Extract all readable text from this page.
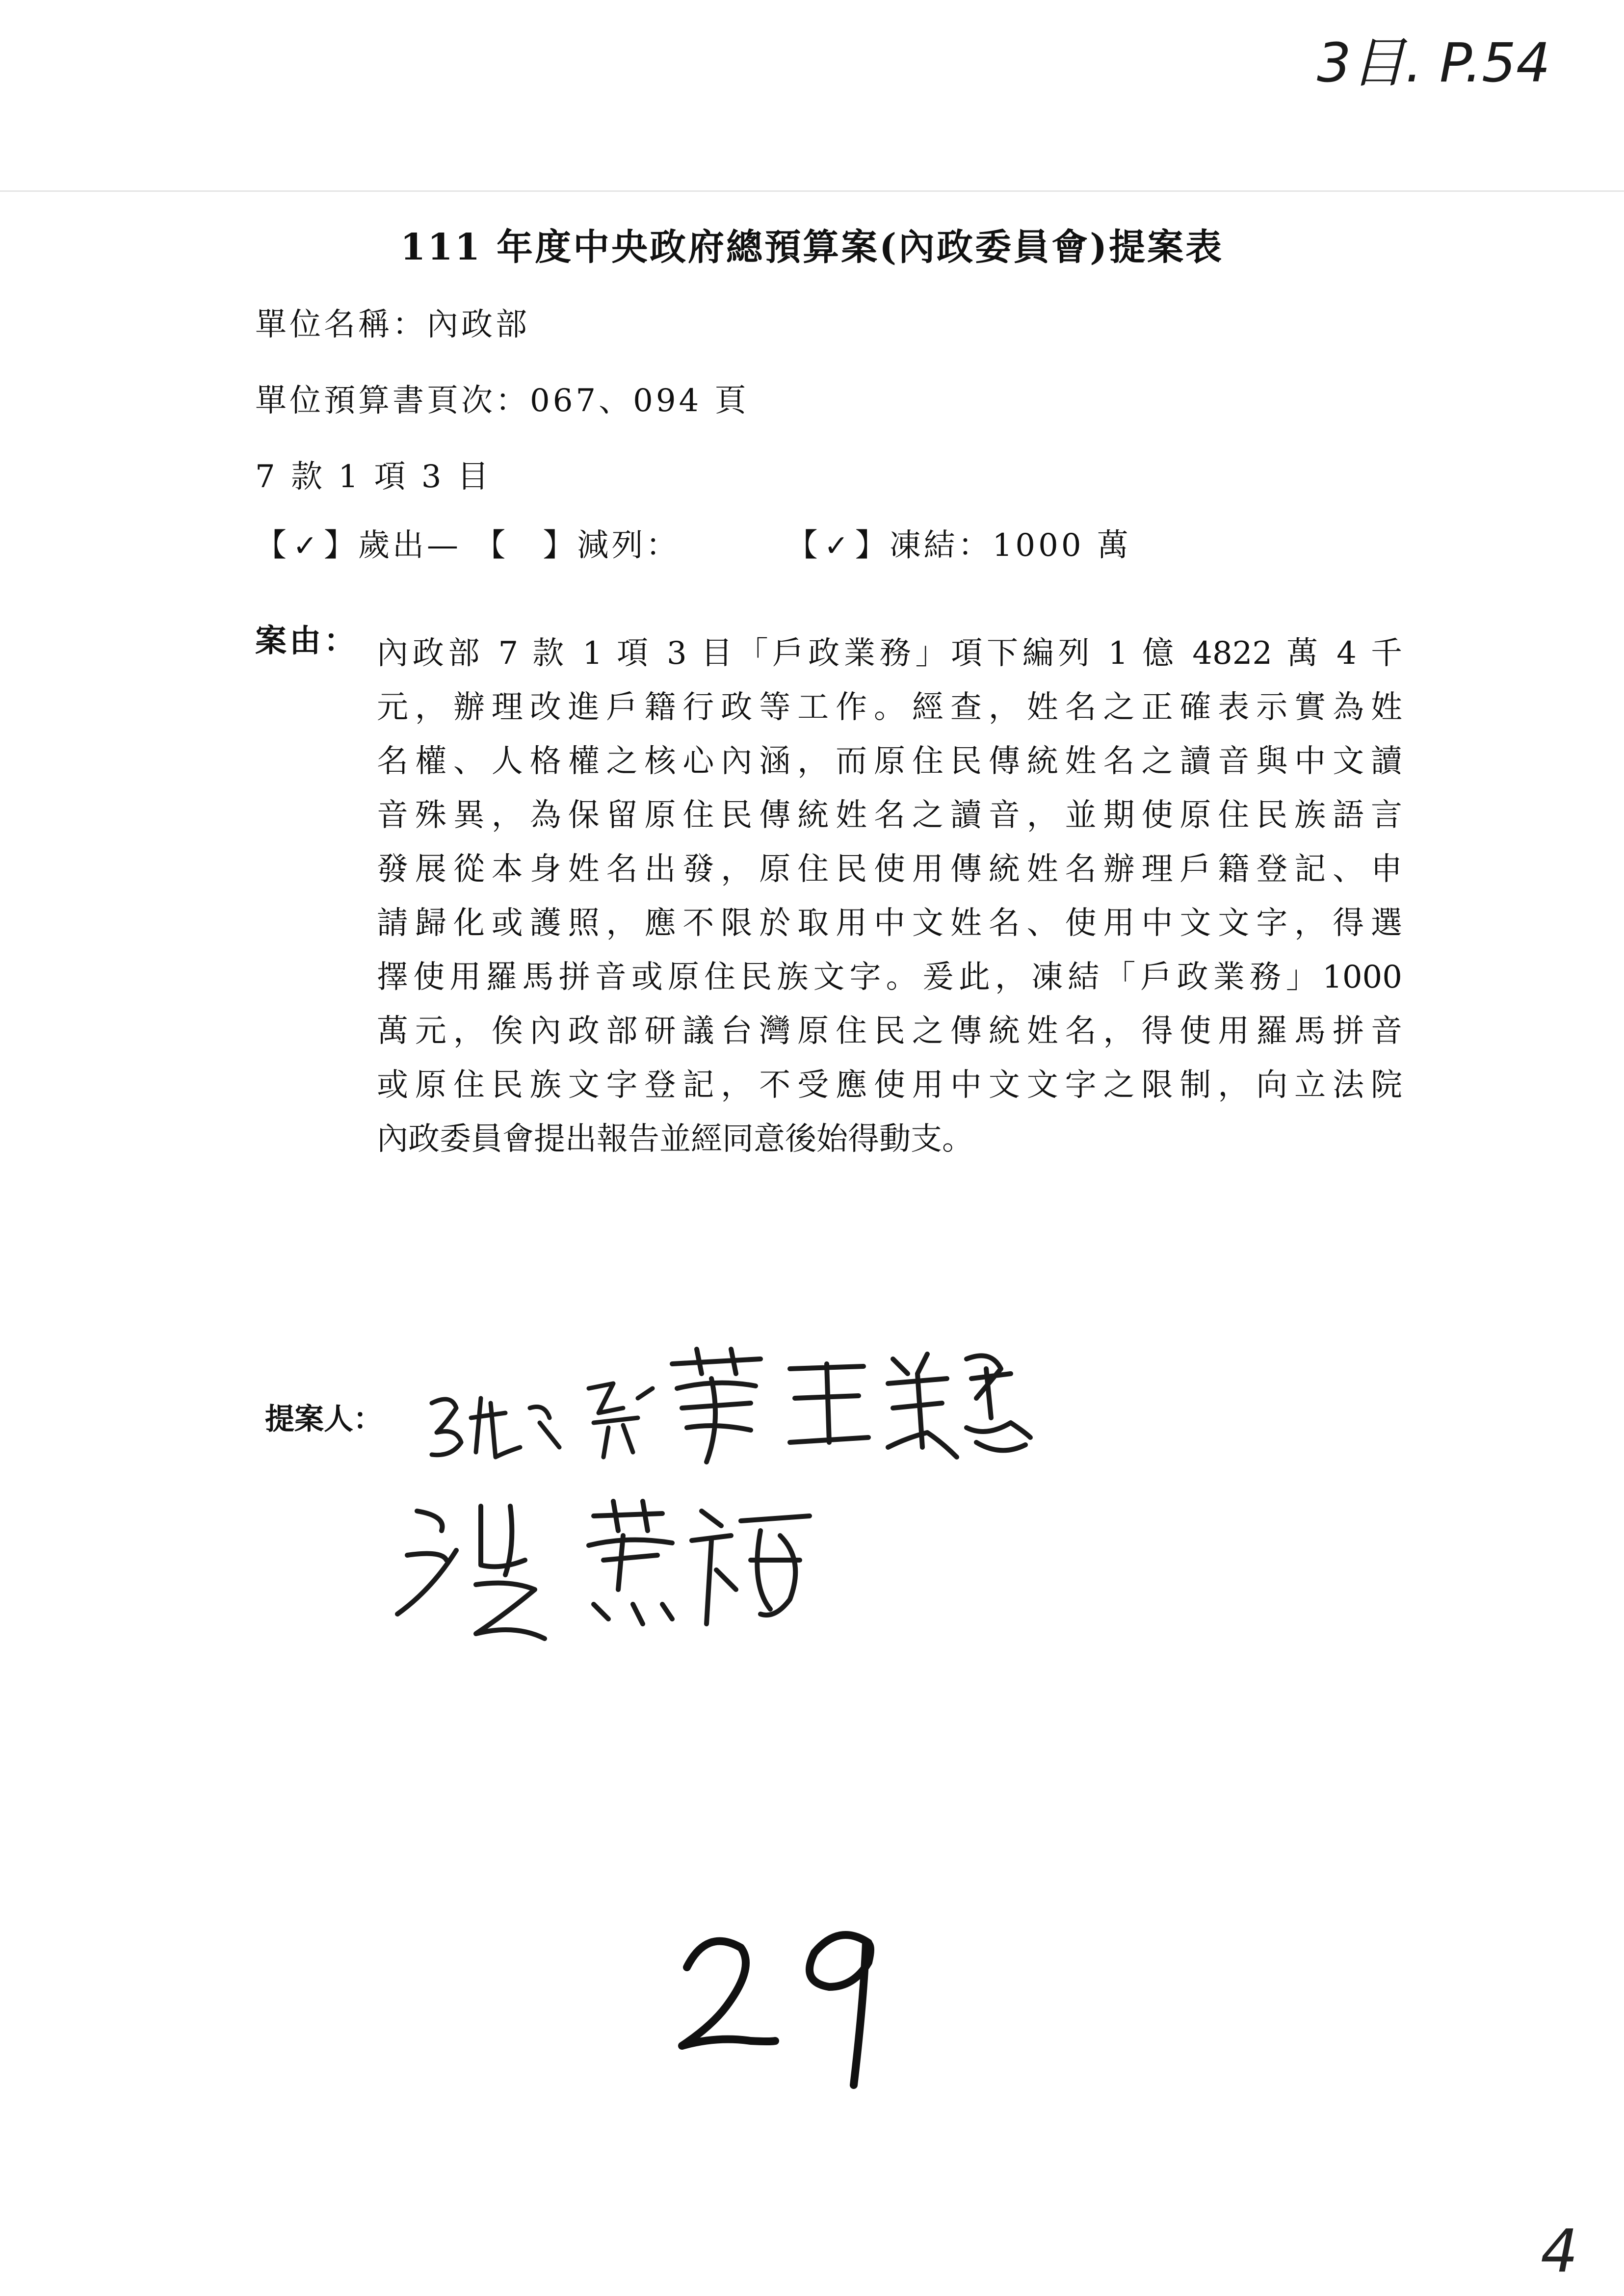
3目. P.54
111 年度中央政府總預算案(內政委員會)提案表
單位名稱：內政部
單位預算書頁次：067、094 頁
7 款 1 項 3 目
【 ✓ 】歲出— 【 】減列：	【 ✓ 】凍結：1000 萬
案由： 內政部 7 款 1 項 3 目「戶政業務」項下編列 1 億 4822 萬 4 千
元，辦理改進戶籍行政等工作。經查，姓名之正確表示實為姓
名權、人格權之核心內涵，而原住民傳統姓名之讀音與中文讀
音殊異，為保留原住民傳統姓名之讀音，並期使原住民族語言
發展從本身姓名出發，原住民使用傳統姓名辦理戶籍登記、申
請歸化或護照，應不限於取用中文姓名、使用中文文字，得選
擇使用羅馬拼音或原住民族文字。爰此，凍結「戶政業務」1000
萬元，俟內政部研議台灣原住民之傳統姓名，得使用羅馬拼音
或原住民族文字登記，不受應使用中文文字之限制，向立法院
內政委員會提出報告並經同意後始得動支。
提案人：
29
4
